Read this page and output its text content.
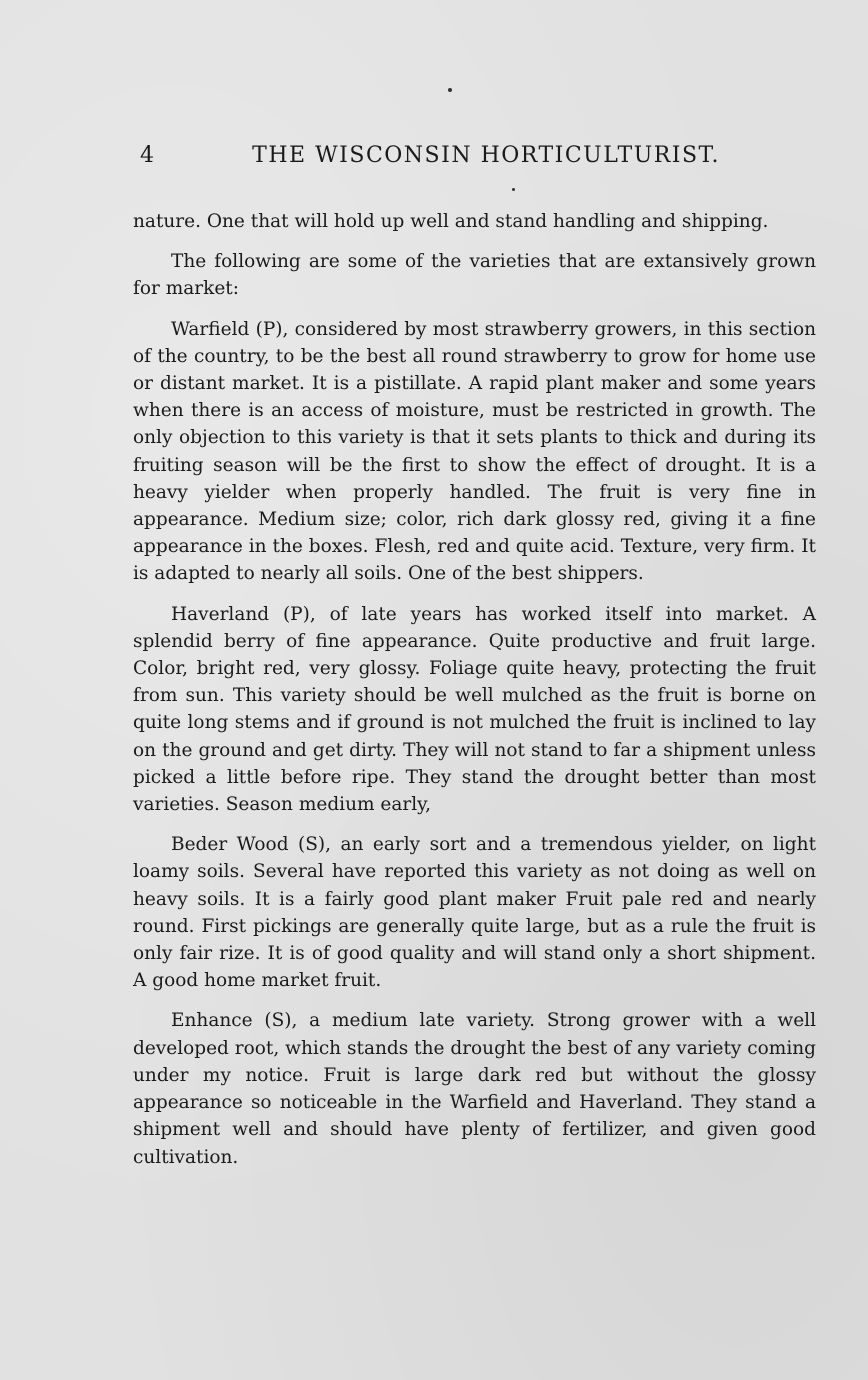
4	THE WISCONSIN HORTICULTURIST.

nature. One that will hold up well and stand handling and shipping.

The following are some of the varieties that are extansively grown for market:

Warfield (P), considered by most strawberry growers, in this section of the country, to be the best all round strawberry to grow for home use or distant market. It is a pistillate. A rapid plant maker and some years when there is an access of moisture, must be restricted in growth. The only objection to this variety is that it sets plants to thick and during its fruiting season will be the first to show the effect of drought. It is a heavy yielder when properly handled. The fruit is very fine in appearance. Medium size; color, rich dark glossy red, giving it a fine appearance in the boxes. Flesh, red and quite acid. Texture, very firm. It is adapted to nearly all soils. One of the best shippers.

Haverland (P), of late years has worked itself into market. A splendid berry of fine appearance. Quite productive and fruit large. Color, bright red, very glossy. Foliage quite heavy, protecting the fruit from sun. This variety should be well mulched as the fruit is borne on quite long stems and if ground is not mulched the fruit is inclined to lay on the ground and get dirty. They will not stand to far a shipment unless picked a little before ripe. They stand the drought better than most varieties. Season medium early,

Beder Wood (S), an early sort and a tremendous yielder, on light loamy soils. Several have reported this variety as not doing as well on heavy soils. It is a fairly good plant maker Fruit pale red and nearly round. First pickings are generally quite large, but as a rule the fruit is only fair rize. It is of good quality and will stand only a short shipment. A good home market fruit.

Enhance (S), a medium late variety. Strong grower with a well developed root, which stands the drought the best of any variety coming under my notice. Fruit is large dark red but without the glossy appearance so noticeable in the Warfield and Haverland. They stand a shipment well and should have plenty of fertilizer, and given good cultivation.
